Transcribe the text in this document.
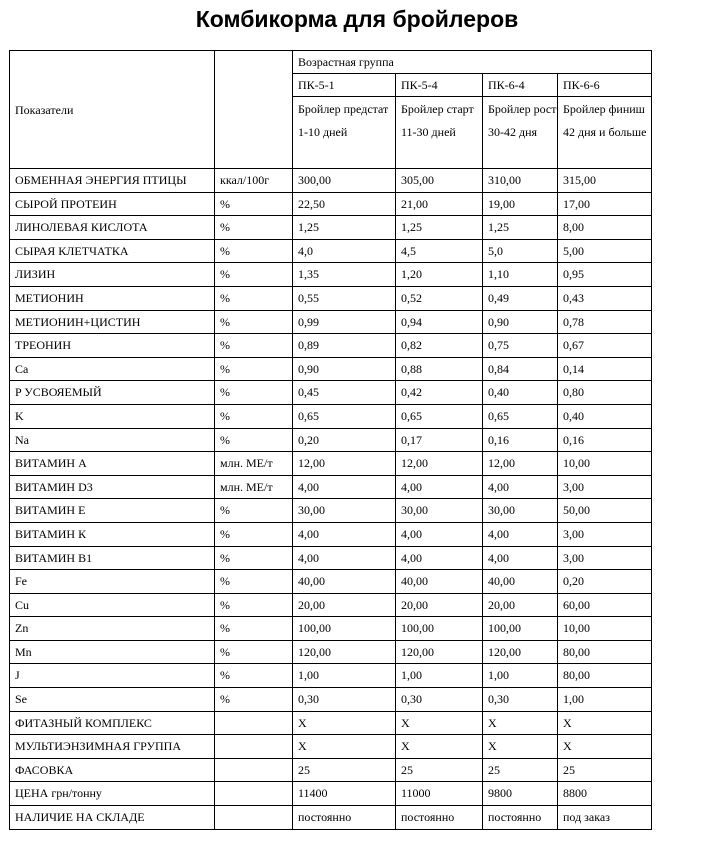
Комбикорма для бройлеров
Показатели		Возрастная группа			
		ПК-5-1	ПК-5-4	ПК-6-4	ПК-6-6
		Бройлер предстат 1-10 дней	Бройлер старт 11-30 дней	Бройлер рост 30-42 дня	Бройлер финиш 42 дня и больше
ОБМЕННАЯ ЭНЕРГИЯ ПТИЦЫ	ккал/100г	300,00	305,00	310,00	315,00
СЫРОЙ ПРОТЕИН	%	22,50	21,00	19,00	17,00
ЛИНОЛЕВАЯ КИСЛОТА	%	1,25	1,25	1,25	8,00
СЫРАЯ КЛЕТЧАТКА	%	4,0	4,5	5,0	5,00
ЛИЗИН	%	1,35	1,20	1,10	0,95
МЕТИОНИН	%	0,55	0,52	0,49	0,43
МЕТИОНИН+ЦИСТИН	%	0,99	0,94	0,90	0,78
ТРЕОНИН	%	0,89	0,82	0,75	0,67
Ca	%	0,90	0,88	0,84	0,14
P УСВОЯЕМЫЙ	%	0,45	0,42	0,40	0,80
K	%	0,65	0,65	0,65	0,40
Na	%	0,20	0,17	0,16	0,16
ВИТАМИН А	млн. МЕ/т	12,00	12,00	12,00	10,00
ВИТАМИН D3	млн. МЕ/т	4,00	4,00	4,00	3,00
ВИТАМИН Е	%	30,00	30,00	30,00	50,00
ВИТАМИН К	%	4,00	4,00	4,00	3,00
ВИТАМИН В1	%	4,00	4,00	4,00	3,00
Fe	%	40,00	40,00	40,00	0,20
Cu	%	20,00	20,00	20,00	60,00
Zn	%	100,00	100,00	100,00	10,00
Mn	%	120,00	120,00	120,00	80,00
J	%	1,00	1,00	1,00	80,00
Se	%	0,30	0,30	0,30	1,00
ФИТАЗНЫЙ КОМПЛЕКС		X	X	X	X
МУЛЬТИЭНЗИМНАЯ ГРУППА		X	X	X	X
ФАСОВКА		25	25	25	25
ЦЕНА грн/тонну		11400	11000	9800	8800
НАЛИЧИЕ НА СКЛАДЕ		постоянно	постоянно	постоянно	под заказ
